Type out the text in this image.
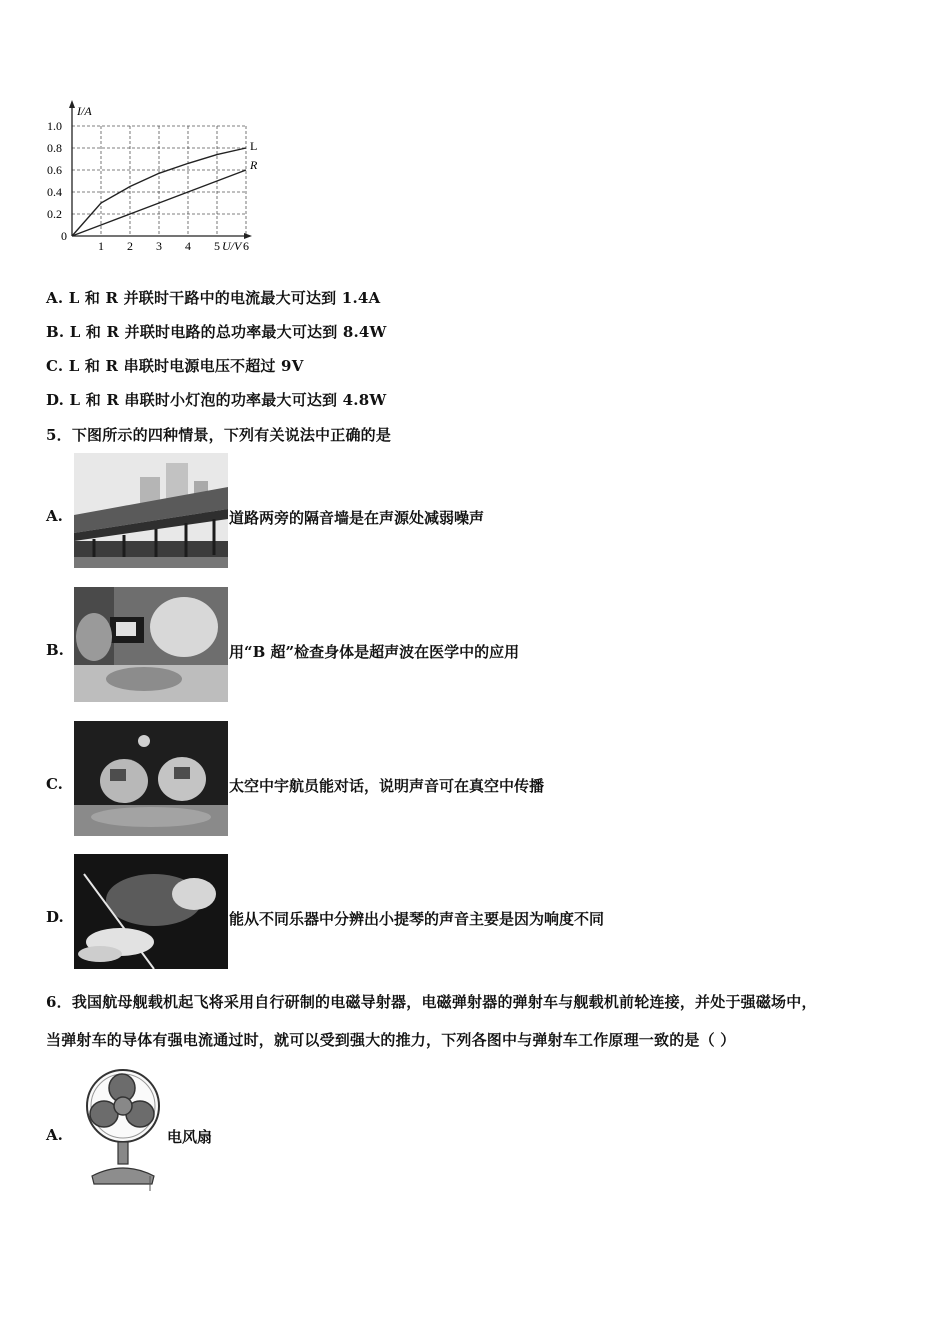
I/A
U/V
0
0.2
0.4
0.6
0.8
1.0
1 2 3 4 5 6
L
R
A. L 和 R 并联时干路中的电流最大可达到 1.4A
B. L 和 R 并联时电路的总功率最大可达到 8.4W
C. L 和 R 串联时电源电压不超过 9V
D. L 和 R 串联时小灯泡的功率最大可达到 4.8W
5．下图所示的四种情景，下列有关说法中正确的是
A.	道路两旁的隔音墙是在声源处减弱噪声
B.	用“B 超”检查身体是超声波在医学中的应用
C.	太空中宇航员能对话，说明声音可在真空中传播
D.	能从不同乐器中分辨出小提琴的声音主要是因为响度不同
6．我国航母舰载机起飞将采用自行研制的电磁导射器，电磁弹射器的弹射车与舰载机前轮连接，并处于强磁场中，
当弹射车的导体有强电流通过时，就可以受到强大的推力，下列各图中与弹射车工作原理一致的是（ ）
A.	电风扇
